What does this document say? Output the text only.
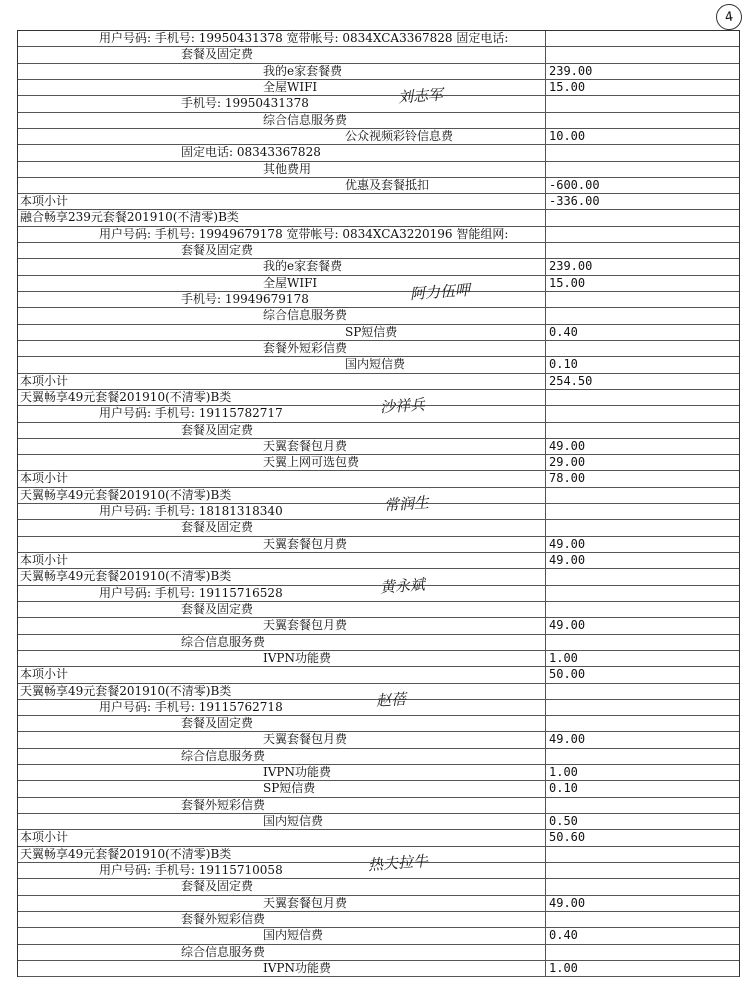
4
用户号码: 手机号: 19950431378 宽带帐号: 0834XCA3367828 固定电话:
套餐及固定费
我的e家套餐费	239.00
全屋WIFI	15.00
手机号: 19950431378	刘志军
综合信息服务费
公众视频彩铃信息费	10.00
固定电话: 08343367828
其他费用
优惠及套餐抵扣	-600.00
本项小计	-336.00
融合畅享239元套餐201910(不清零)B类
用户号码: 手机号: 19949679178 宽带帐号: 0834XCA3220196 智能组网:
套餐及固定费
我的e家套餐费	239.00
全屋WIFI	15.00
手机号: 19949679178	阿力伍呷
综合信息服务费
SP短信费	0.40
套餐外短彩信费
国内短信费	0.10
本项小计	254.50
天翼畅享49元套餐201910(不清零)B类
用户号码: 手机号: 19115782717	沙祥兵
套餐及固定费
天翼套餐包月费	49.00
天翼上网可选包费	29.00
本项小计	78.00
天翼畅享49元套餐201910(不清零)B类
用户号码: 手机号: 18181318340	常润生
套餐及固定费
天翼套餐包月费	49.00
本项小计	49.00
天翼畅享49元套餐201910(不清零)B类
用户号码: 手机号: 19115716528	黄永斌
套餐及固定费
天翼套餐包月费	49.00
综合信息服务费
IVPN功能费	1.00
本项小计	50.00
天翼畅享49元套餐201910(不清零)B类
用户号码: 手机号: 19115762718	赵蓓
套餐及固定费
天翼套餐包月费	49.00
综合信息服务费
IVPN功能费	1.00
SP短信费	0.10
套餐外短彩信费
国内短信费	0.50
本项小计	50.60
天翼畅享49元套餐201910(不清零)B类
用户号码: 手机号: 19115710058	热夫拉牛
套餐及固定费
天翼套餐包月费	49.00
套餐外短彩信费
国内短信费	0.40
综合信息服务费
IVPN功能费	1.00
